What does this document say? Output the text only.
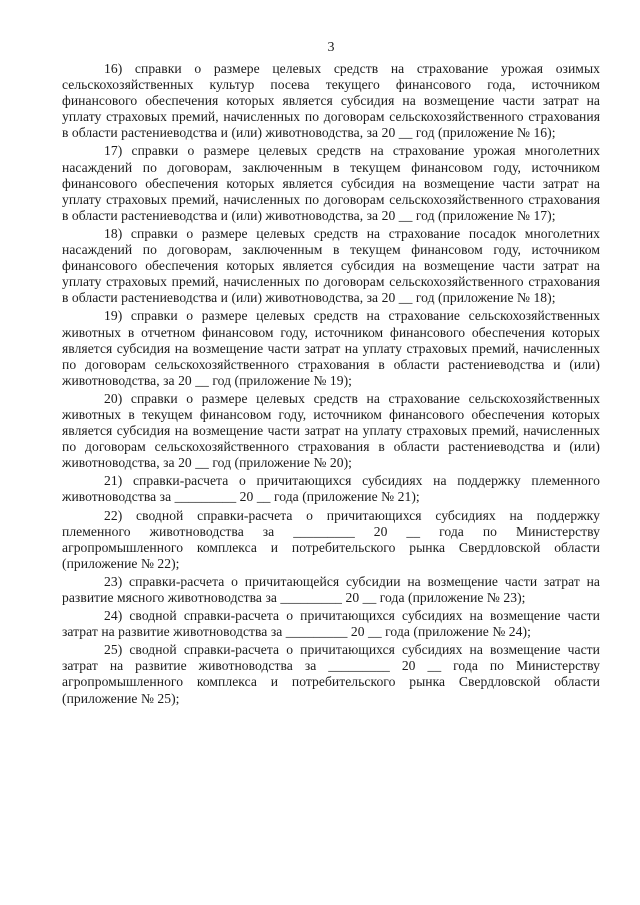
3

16) справки о размере целевых средств на страхование урожая озимых сельскохозяйственных культур посева текущего финансового года, источником финансового обеспечения которых является субсидия на возмещение части затрат на уплату страховых премий, начисленных по договорам сельскохозяйственного страхования в области растениеводства и (или) животноводства, за 20 __ год (приложение № 16);

17) справки о размере целевых средств на страхование урожая многолетних насаждений по договорам, заключенным в текущем финансовом году, источником финансового обеспечения которых является субсидия на возмещение части затрат на уплату страховых премий, начисленных по договорам сельскохозяйственного страхования в области растениеводства и (или) животноводства, за 20 __ год (приложение № 17);

18) справки о размере целевых средств на страхование посадок многолетних насаждений по договорам, заключенным в текущем финансовом году, источником финансового обеспечения которых является субсидия на возмещение части затрат на уплату страховых премий, начисленных по договорам сельскохозяйственного страхования в области растениеводства и (или) животноводства, за 20 __ год (приложение № 18);

19) справки о размере целевых средств на страхование сельскохозяйственных животных в отчетном финансовом году, источником финансового обеспечения которых является субсидия на возмещение части затрат на уплату страховых премий, начисленных по договорам сельскохозяйственного страхования в области растениеводства и (или) животноводства, за 20 __ год (приложение № 19);

20) справки о размере целевых средств на страхование сельскохозяйственных животных в текущем финансовом году, источником финансового обеспечения которых является субсидия на возмещение части затрат на уплату страховых премий, начисленных по договорам сельскохозяйственного страхования в области растениеводства и (или) животноводства, за 20 __ год (приложение № 20);

21) справки-расчета о причитающихся субсидиях на поддержку племенного животноводства за _________ 20 __ года (приложение № 21);

22) сводной справки-расчета о причитающихся субсидиях на поддержку племенного животноводства за _________ 20 __ года по Министерству агропромышленного комплекса и потребительского рынка Свердловской области (приложение № 22);

23) справки-расчета о причитающейся субсидии на возмещение части затрат на развитие мясного животноводства за _________ 20 __ года (приложение № 23);

24) сводной справки-расчета о причитающихся субсидиях на возмещение части затрат на развитие животноводства за _________ 20 __ года (приложение № 24);

25) сводной справки-расчета о причитающихся субсидиях на возмещение части затрат на развитие животноводства за _________ 20 __ года по Министерству агропромышленного комплекса и потребительского рынка Свердловской области (приложение № 25);
